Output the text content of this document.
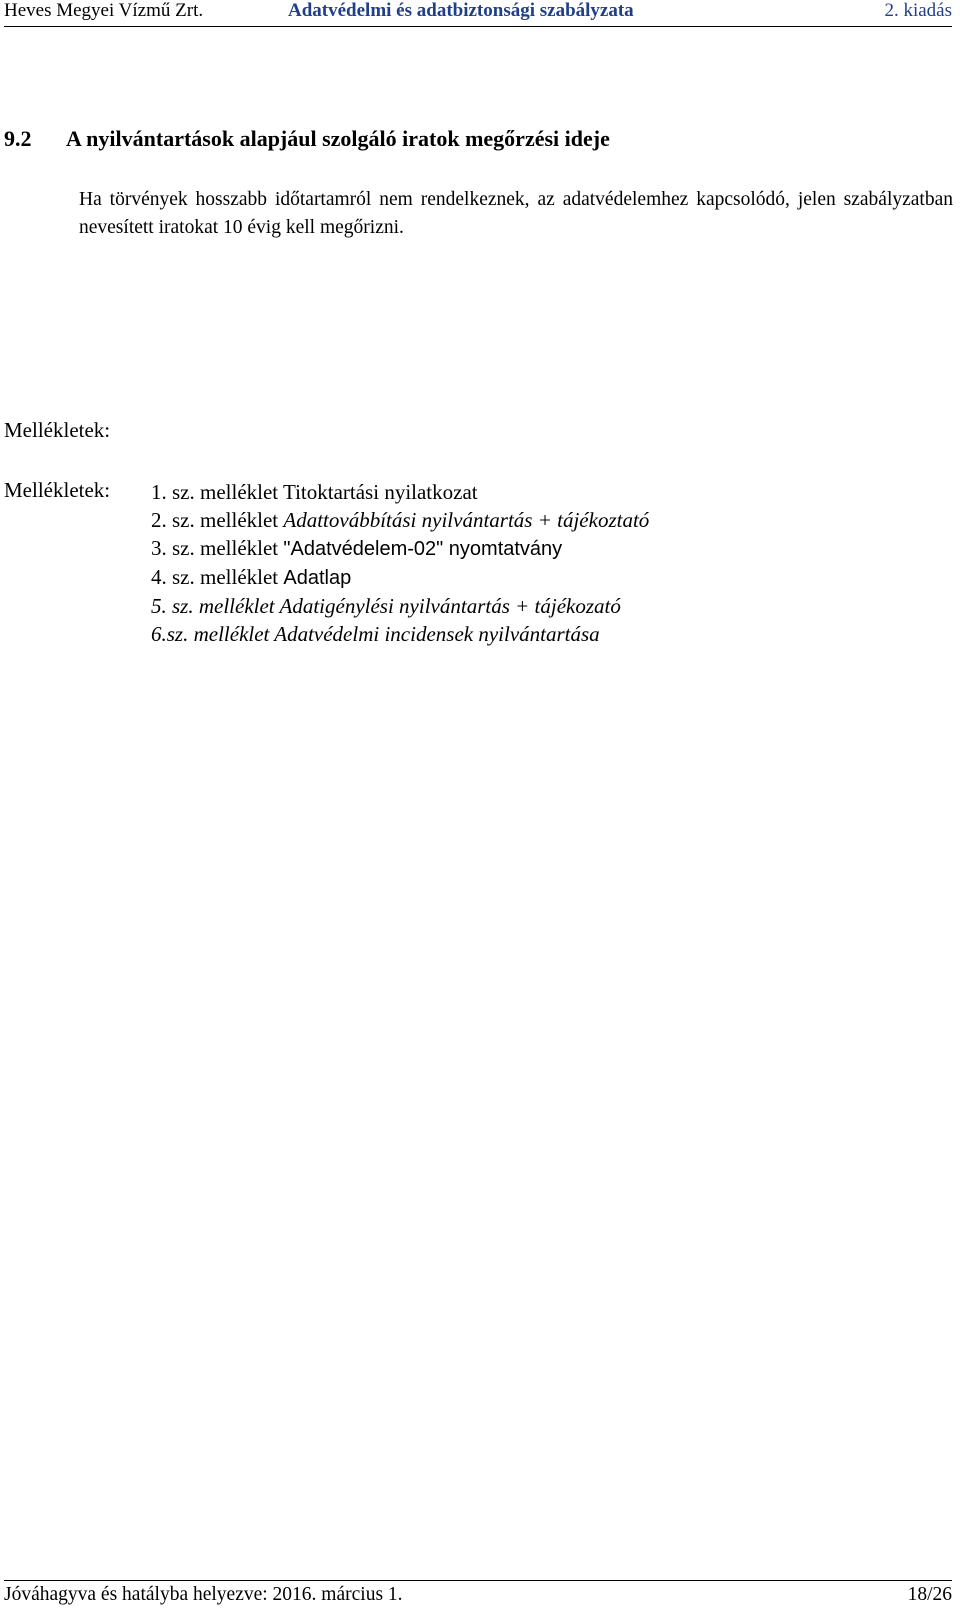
Heves Megyei Vízmű Zrt.	Adatvédelmi és adatbiztonsági szabályzata	2. kiadás
9.2 A nyilvántartások alapjául szolgáló iratok megőrzési ideje

Ha törvények hosszabb időtartamról nem rendelkeznek, az adatvédelemhez kapcsolódó, jelen szabályzatban nevesített iratokat 10 évig kell megőrizni.

Mellékletek:
Mellékletek: 1. sz. melléklet Titoktartási nyilatkozat
2. sz. melléklet Adattovábbítási nyilvántartás + tájékoztató
3. sz. melléklet "Adatvédelem-02" nyomtatvány
4. sz. melléklet Adatlap
5. sz. melléklet Adatigénylési nyilvántartás + tájékozató
6.sz. melléklet Adatvédelmi incidensek nyilvántartása
Jóváhagyva és hatályba helyezve: 2016. március 1.	18/26
